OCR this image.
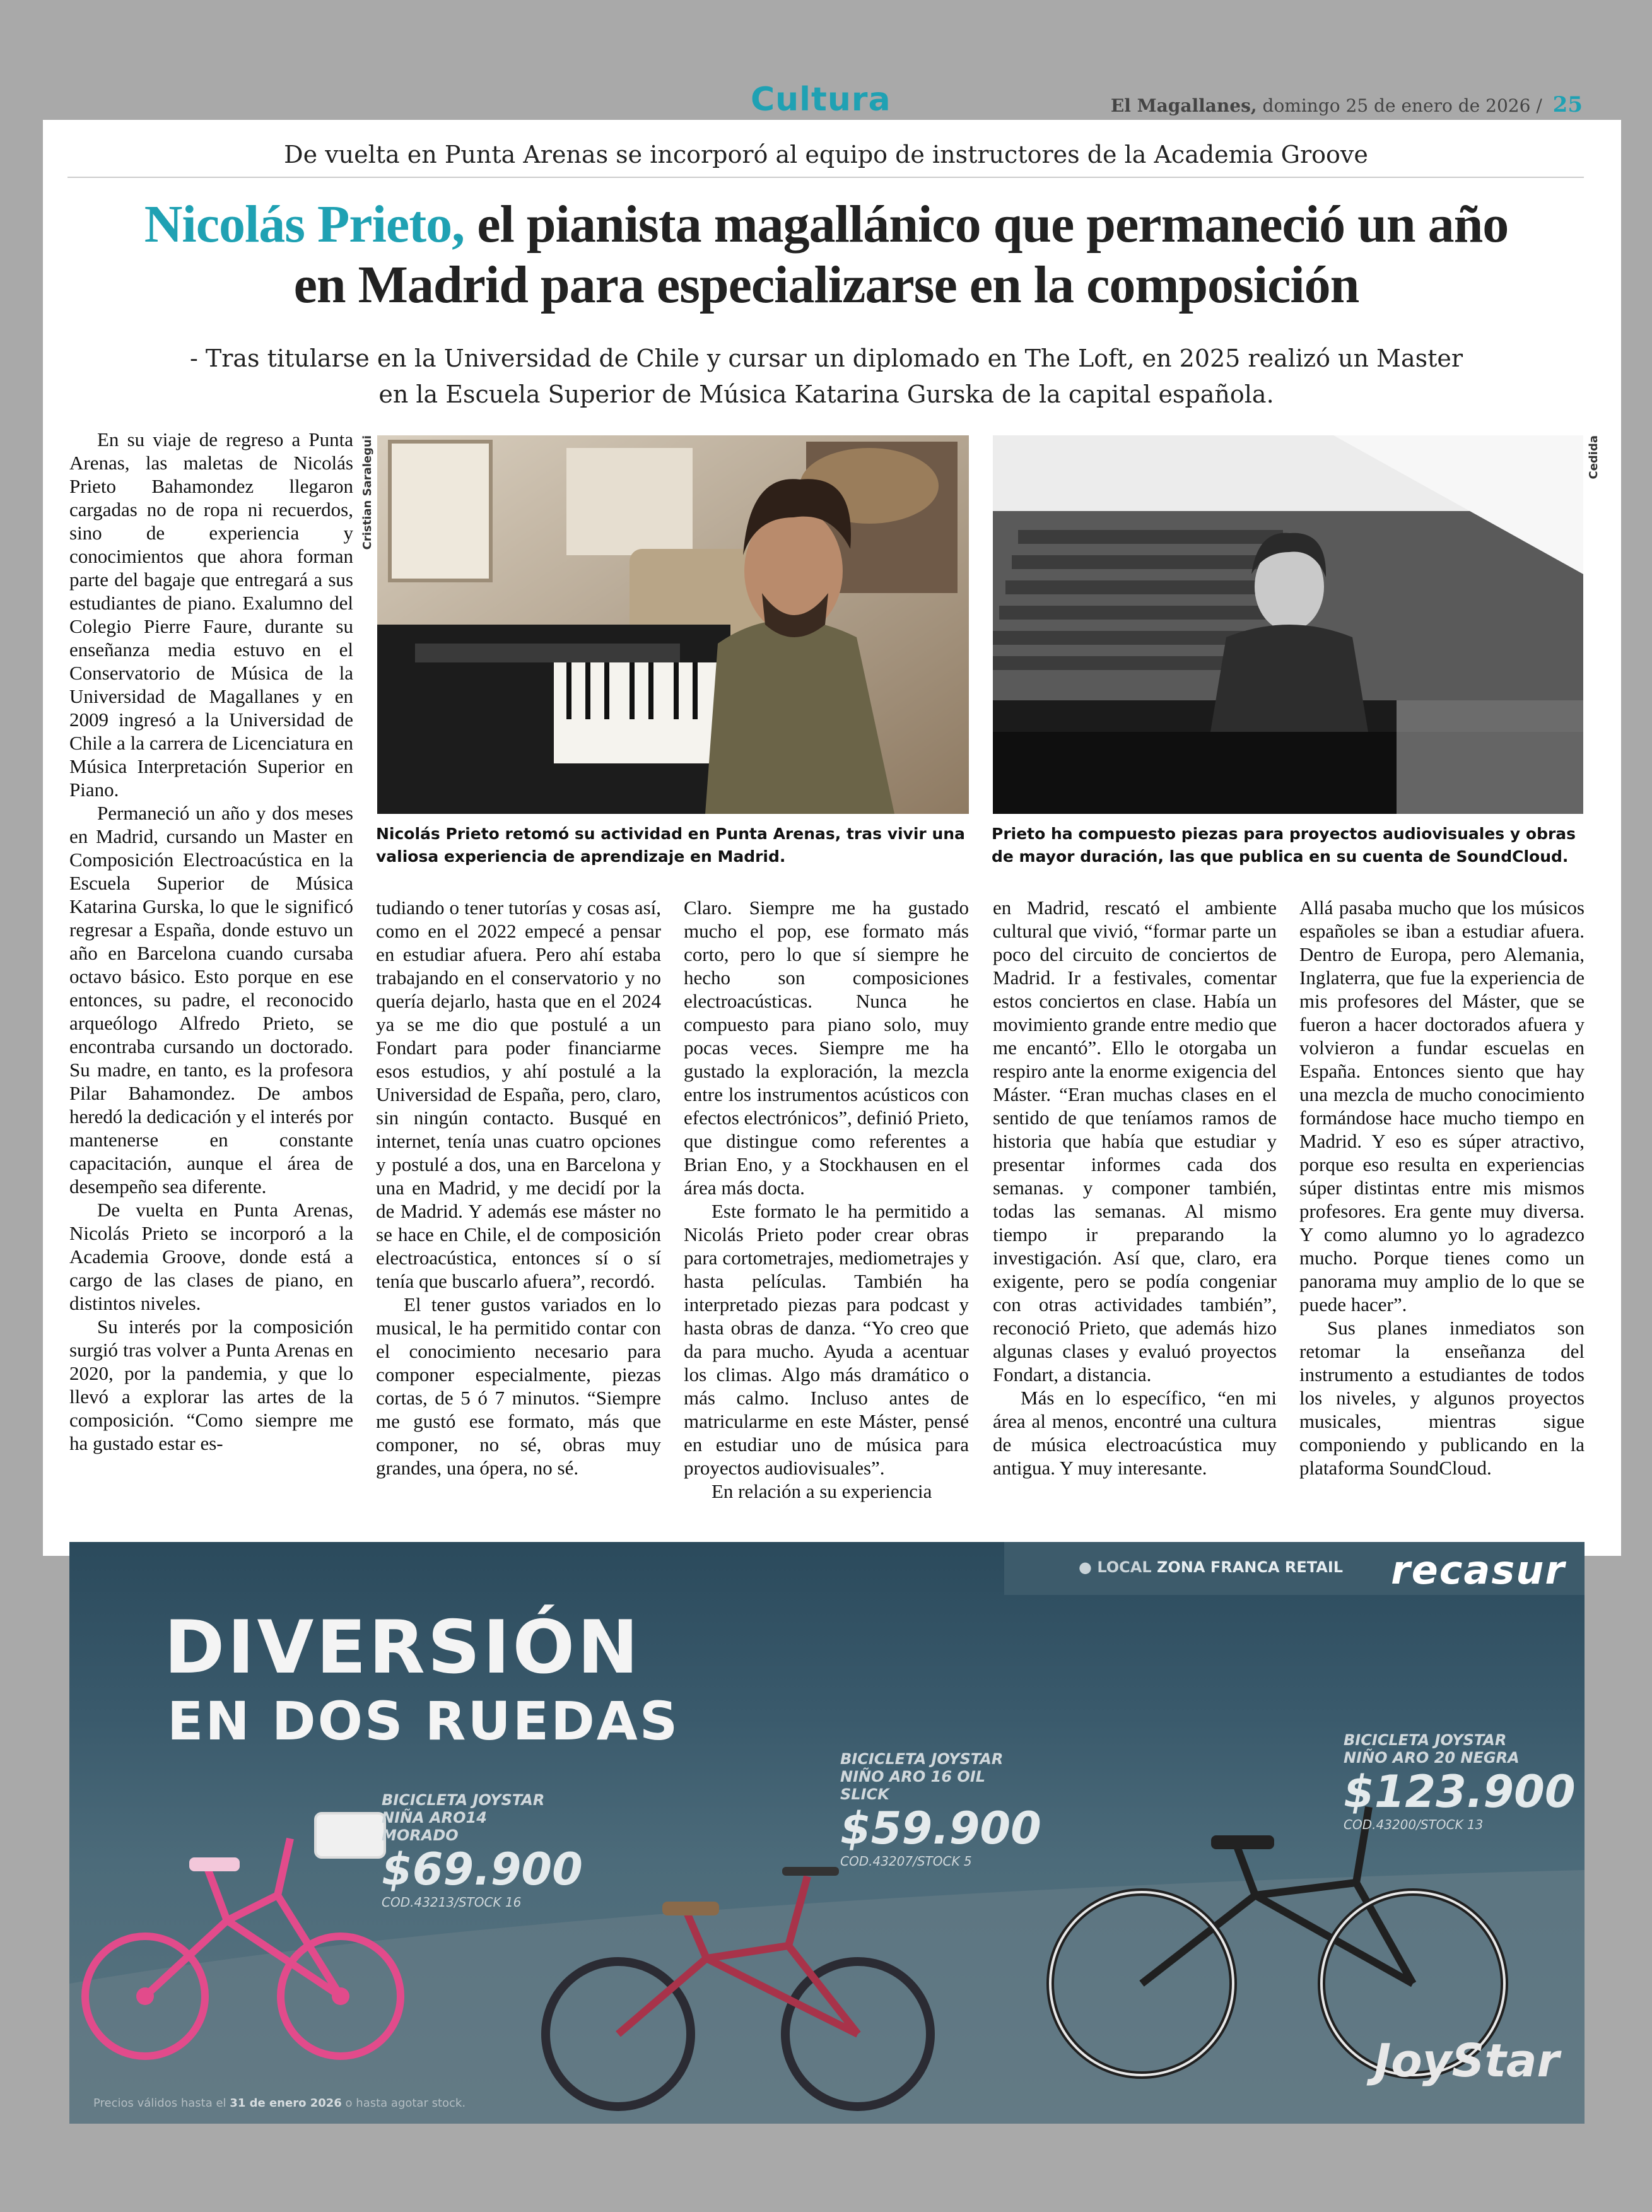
Cultura	El Magallanes, domingo 25 de enero de 2026 / 25
De vuelta en Punta Arenas se incorporó al equipo de instructores de la Academia Groove
Nicolás Prieto, el pianista magallánico que permaneció un año en Madrid para especializarse en la composición
- Tras titularse en la Universidad de Chile y cursar un diplomado en The Loft, en 2025 realizó un Master en la Escuela Superior de Música Katarina Gurska de la capital española.
Cristian Saralegui
Nicolás Prieto retomó su actividad en Punta Arenas, tras vivir una valiosa experiencia de aprendizaje en Madrid.
Cedida
Prieto ha compuesto piezas para proyectos audiovisuales y obras de mayor duración, las que publica en su cuenta de SoundCloud.

En su viaje de regreso a Punta Arenas, las maletas de Nicolás Prieto Bahamondez llegaron cargadas no de ropa ni recuerdos, sino de experiencia y conocimientos que ahora forman parte del bagaje que entregará a sus estudiantes de piano. Exalumno del Colegio Pierre Faure, durante su enseñanza media estuvo en el Conservatorio de Música de la Universidad de Magallanes y en 2009 ingresó a la Universidad de Chile a la carrera de Licenciatura en Música Interpretación Superior en Piano.

Permaneció un año y dos meses en Madrid, cursando un Master en Composición Electroacústica en la Escuela Superior de Música Katarina Gurska, lo que le significó regresar a España, donde estuvo un año en Barcelona cuando cursaba octavo básico. Esto porque en ese entonces, su padre, el reconocido arqueólogo Alfredo Prieto, se encontraba cursando un doctorado. Su madre, en tanto, es la profesora Pilar Bahamondez. De ambos heredó la dedicación y el interés por mantenerse en constante capacitación, aunque el área de desempeño sea diferente.

De vuelta en Punta Arenas, Nicolás Prieto se incorporó a la Academia Groove, donde está a cargo de las clases de piano, en distintos niveles.

Su interés por la composición surgió tras volver a Punta Arenas en 2020, por la pandemia, y que lo llevó a explorar las artes de la composición. “Como siempre me ha gustado estar es-

tudiando o tener tutorías y cosas así, como en el 2022 empecé a pensar en estudiar afuera. Pero ahí estaba trabajando en el conservatorio y no quería dejarlo, hasta que en el 2024 ya se me dio que postulé a un Fondart para poder financiarme esos estudios, y ahí postulé a la Universidad de España, pero, claro, sin ningún contacto. Busqué en internet, tenía unas cuatro opciones y postulé a dos, una en Barcelona y una en Madrid, y me decidí por la de Madrid. Y además ese máster no se hace en Chile, el de composición electroacústica, entonces sí o sí tenía que buscarlo afuera”, recordó.

El tener gustos variados en lo musical, le ha permitido contar con el conocimiento necesario para componer especialmente, piezas cortas, de 5 ó 7 minutos. “Siempre me gustó ese formato, más que componer, no sé, obras muy grandes, una ópera, no sé.

Claro. Siempre me ha gustado mucho el pop, ese formato más corto, pero lo que sí siempre he hecho son composiciones electroacústicas. Nunca he compuesto para piano solo, muy pocas veces. Siempre me ha gustado la exploración, la mezcla entre los instrumentos acústicos con efectos electrónicos”, definió Prieto, que distingue como referentes a Brian Eno, y a Stockhausen en el área más docta.

Este formato le ha permitido a Nicolás Prieto poder crear obras para cortometrajes, mediometrajes y hasta películas. También ha interpretado piezas para podcast y hasta obras de danza. “Yo creo que da para mucho. Ayuda a acentuar los climas. Algo más dramático o más calmo. Incluso antes de matricularme en este Máster, pensé en estudiar uno de música para proyectos audiovisuales”.

En relación a su experiencia

en Madrid, rescató el ambiente cultural que vivió, “formar parte un poco del circuito de conciertos de Madrid. Ir a festivales, comentar estos conciertos en clase. Había un movimiento grande entre medio que me encantó”. Ello le otorgaba un respiro ante la enorme exigencia del Máster. “Eran muchas clases en el sentido de que teníamos ramos de historia que había que estudiar y presentar informes cada dos semanas. y componer también, todas las semanas. Al mismo tiempo ir preparando la investigación. Así que, claro, era exigente, pero se podía congeniar con otras actividades también”, reconoció Prieto, que además hizo algunas clases y evaluó proyectos Fondart, a distancia.

Más en lo específico, “en mi área al menos, encontré una cultura de música electroacústica muy antigua. Y muy interesante.

Allá pasaba mucho que los músicos españoles se iban a estudiar afuera. Dentro de Europa, pero Alemania, Inglaterra, que fue la experiencia de mis profesores del Máster, que se fueron a hacer doctorados afuera y volvieron a fundar escuelas en España. Entonces siento que hay una mezcla de mucho conocimiento formándose hace mucho tiempo en Madrid. Y eso es súper atractivo, porque eso resulta en experiencias súper distintas entre mis mismos profesores. Era gente muy diversa. Y como alumno yo lo agradezco mucho. Porque tienes como un panorama muy amplio de lo que se puede hacer”.

Sus planes inmediatos son retomar la enseñanza del instrumento a estudiantes de todos los niveles, y algunos proyectos musicales, mientras sigue componiendo y publicando en la plataforma SoundCloud.

● LOCAL ZONA FRANCA RETAIL recasur
DIVERSIÓN
EN DOS RUEDAS
BICICLETA JOYSTAR NIÑA ARO14 MORADO
$69.900
COD.43213/STOCK 16
BICICLETA JOYSTAR NIÑO ARO 16 OIL SLICK
$59.900
COD.43207/STOCK 5
BICICLETA JOYSTAR NIÑO ARO 20 NEGRA
$123.900
COD.43200/STOCK 13
JoyStar
Precios válidos hasta el 31 de enero 2026 o hasta agotar stock.
